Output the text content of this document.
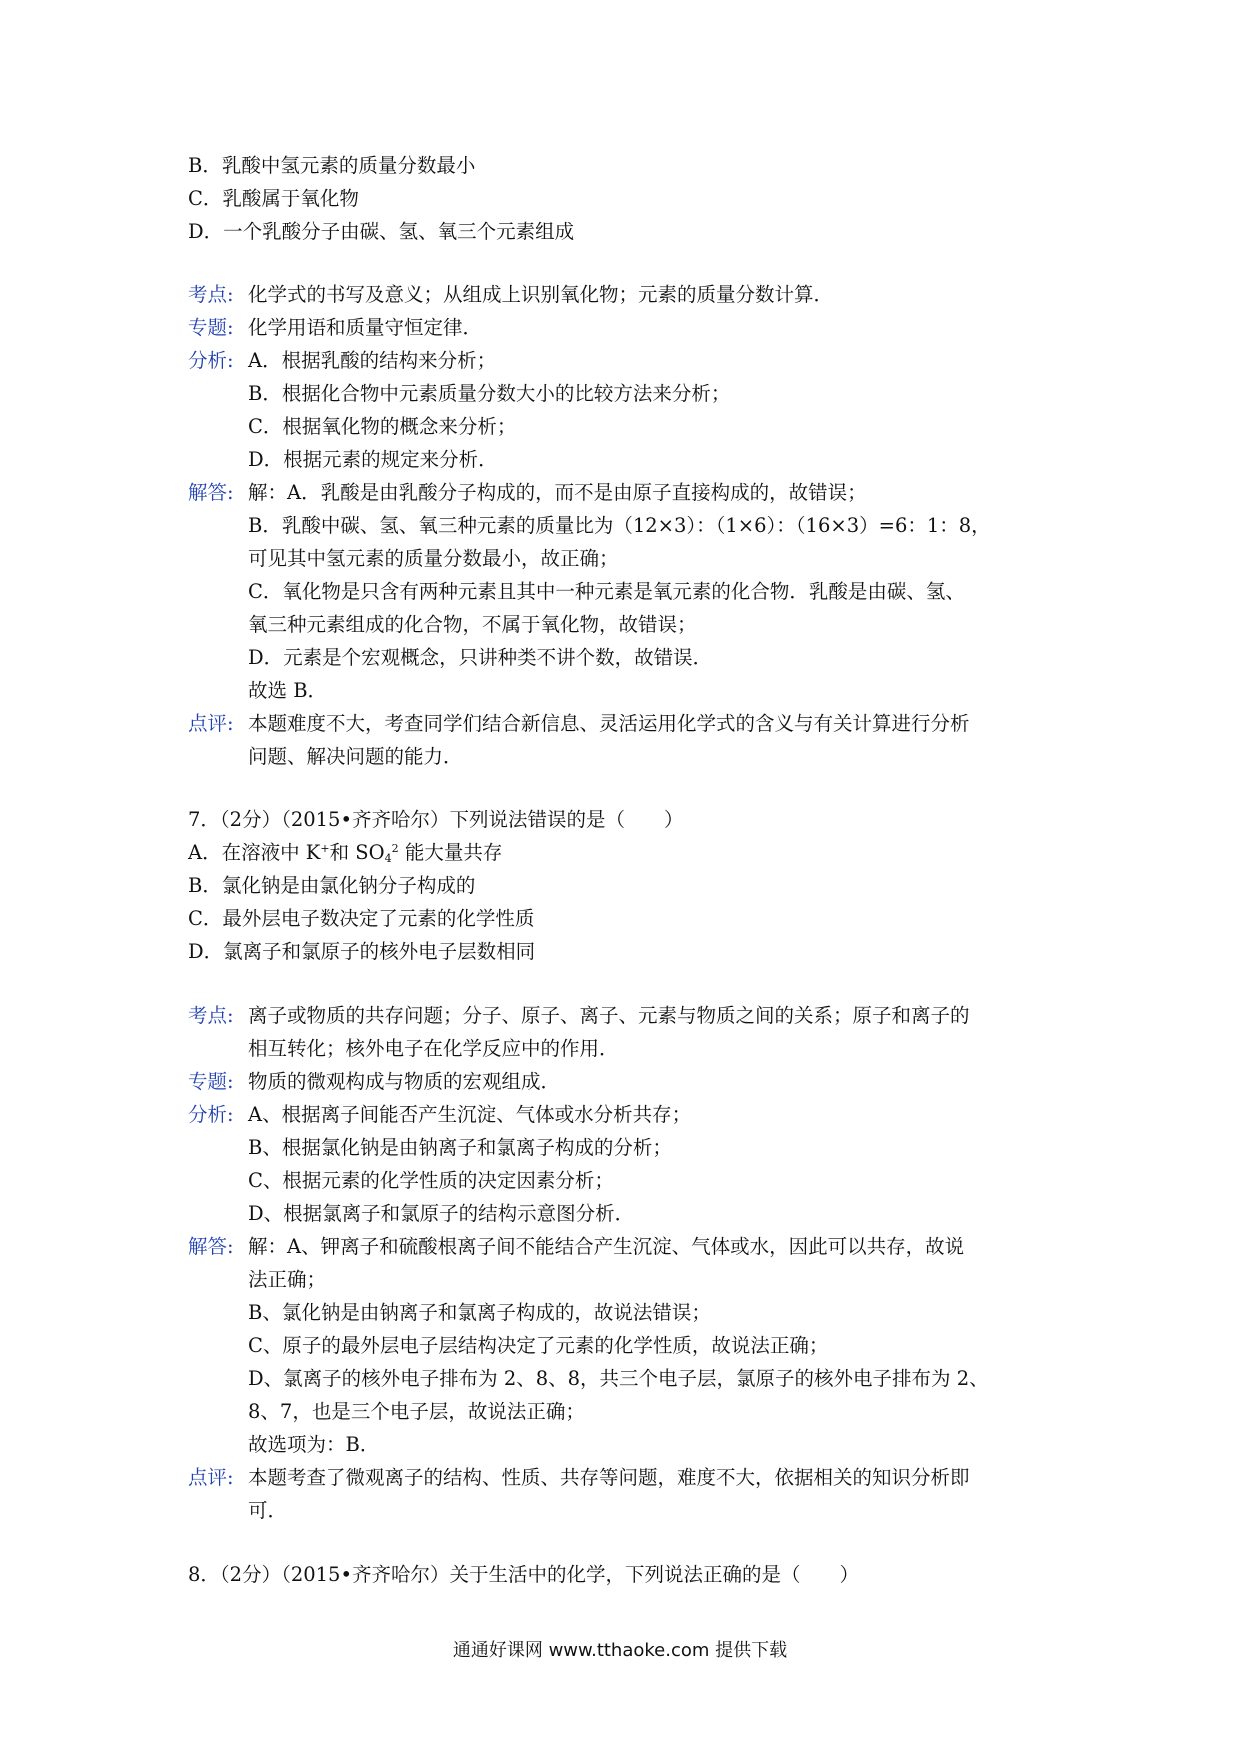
B．乳酸中氢元素的质量分数最小
C．乳酸属于氧化物
D．一个乳酸分子由碳、氢、氧三个元素组成
考点: 化学式的书写及意义；从组成上识别氧化物；元素的质量分数计算．
专题: 化学用语和质量守恒定律．
分析: A．根据乳酸的结构来分析；
B．根据化合物中元素质量分数大小的比较方法来分析；
C．根据氧化物的概念来分析；
D．根据元素的规定来分析．
解答: 解：A．乳酸是由乳酸分子构成的，而不是由原子直接构成的，故错误；
B．乳酸中碳、氢、氧三种元素的质量比为（12×3）：（1×6）：（16×3）=6：1：8，
可见其中氢元素的质量分数最小，故正确；
C．氧化物是只含有两种元素且其中一种元素是氧元素的化合物．乳酸是由碳、氢、
氧三种元素组成的化合物，不属于氧化物，故错误；
D．元素是个宏观概念，只讲种类不讲个数，故错误．
故选 B．
点评: 本题难度不大，考查同学们结合新信息、灵活运用化学式的含义与有关计算进行分析
问题、解决问题的能力．
7．（2分）（2015•齐齐哈尔）下列说法错误的是（　　）
A．在溶液中 K+和 $SO_4^2$ 能大量共存
B．氯化钠是由氯化钠分子构成的
C．最外层电子数决定了元素的化学性质
D．氯离子和氯原子的核外电子层数相同
考点: 离子或物质的共存问题；分子、原子、离子、元素与物质之间的关系；原子和离子的
相互转化；核外电子在化学反应中的作用．
专题: 物质的微观构成与物质的宏观组成．
分析: A、根据离子间能否产生沉淀、气体或水分析共存；
B、根据氯化钠是由钠离子和氯离子构成的分析；
C、根据元素的化学性质的决定因素分析；
D、根据氯离子和氯原子的结构示意图分析．
解答: 解：A、钾离子和硫酸根离子间不能结合产生沉淀、气体或水，因此可以共存，故说
法正确；
B、氯化钠是由钠离子和氯离子构成的，故说法错误；
C、原子的最外层电子层结构决定了元素的化学性质，故说法正确；
D、氯离子的核外电子排布为 2、8、8，共三个电子层，氯原子的核外电子排布为 2、
8、7，也是三个电子层，故说法正确；
故选项为：B．
点评: 本题考查了微观离子的结构、性质、共存等问题，难度不大，依据相关的知识分析即
可．
8．（2分）（2015•齐齐哈尔）关于生活中的化学，下列说法正确的是（　　）
通通好课网 www.tthaoke.com 提供下载
